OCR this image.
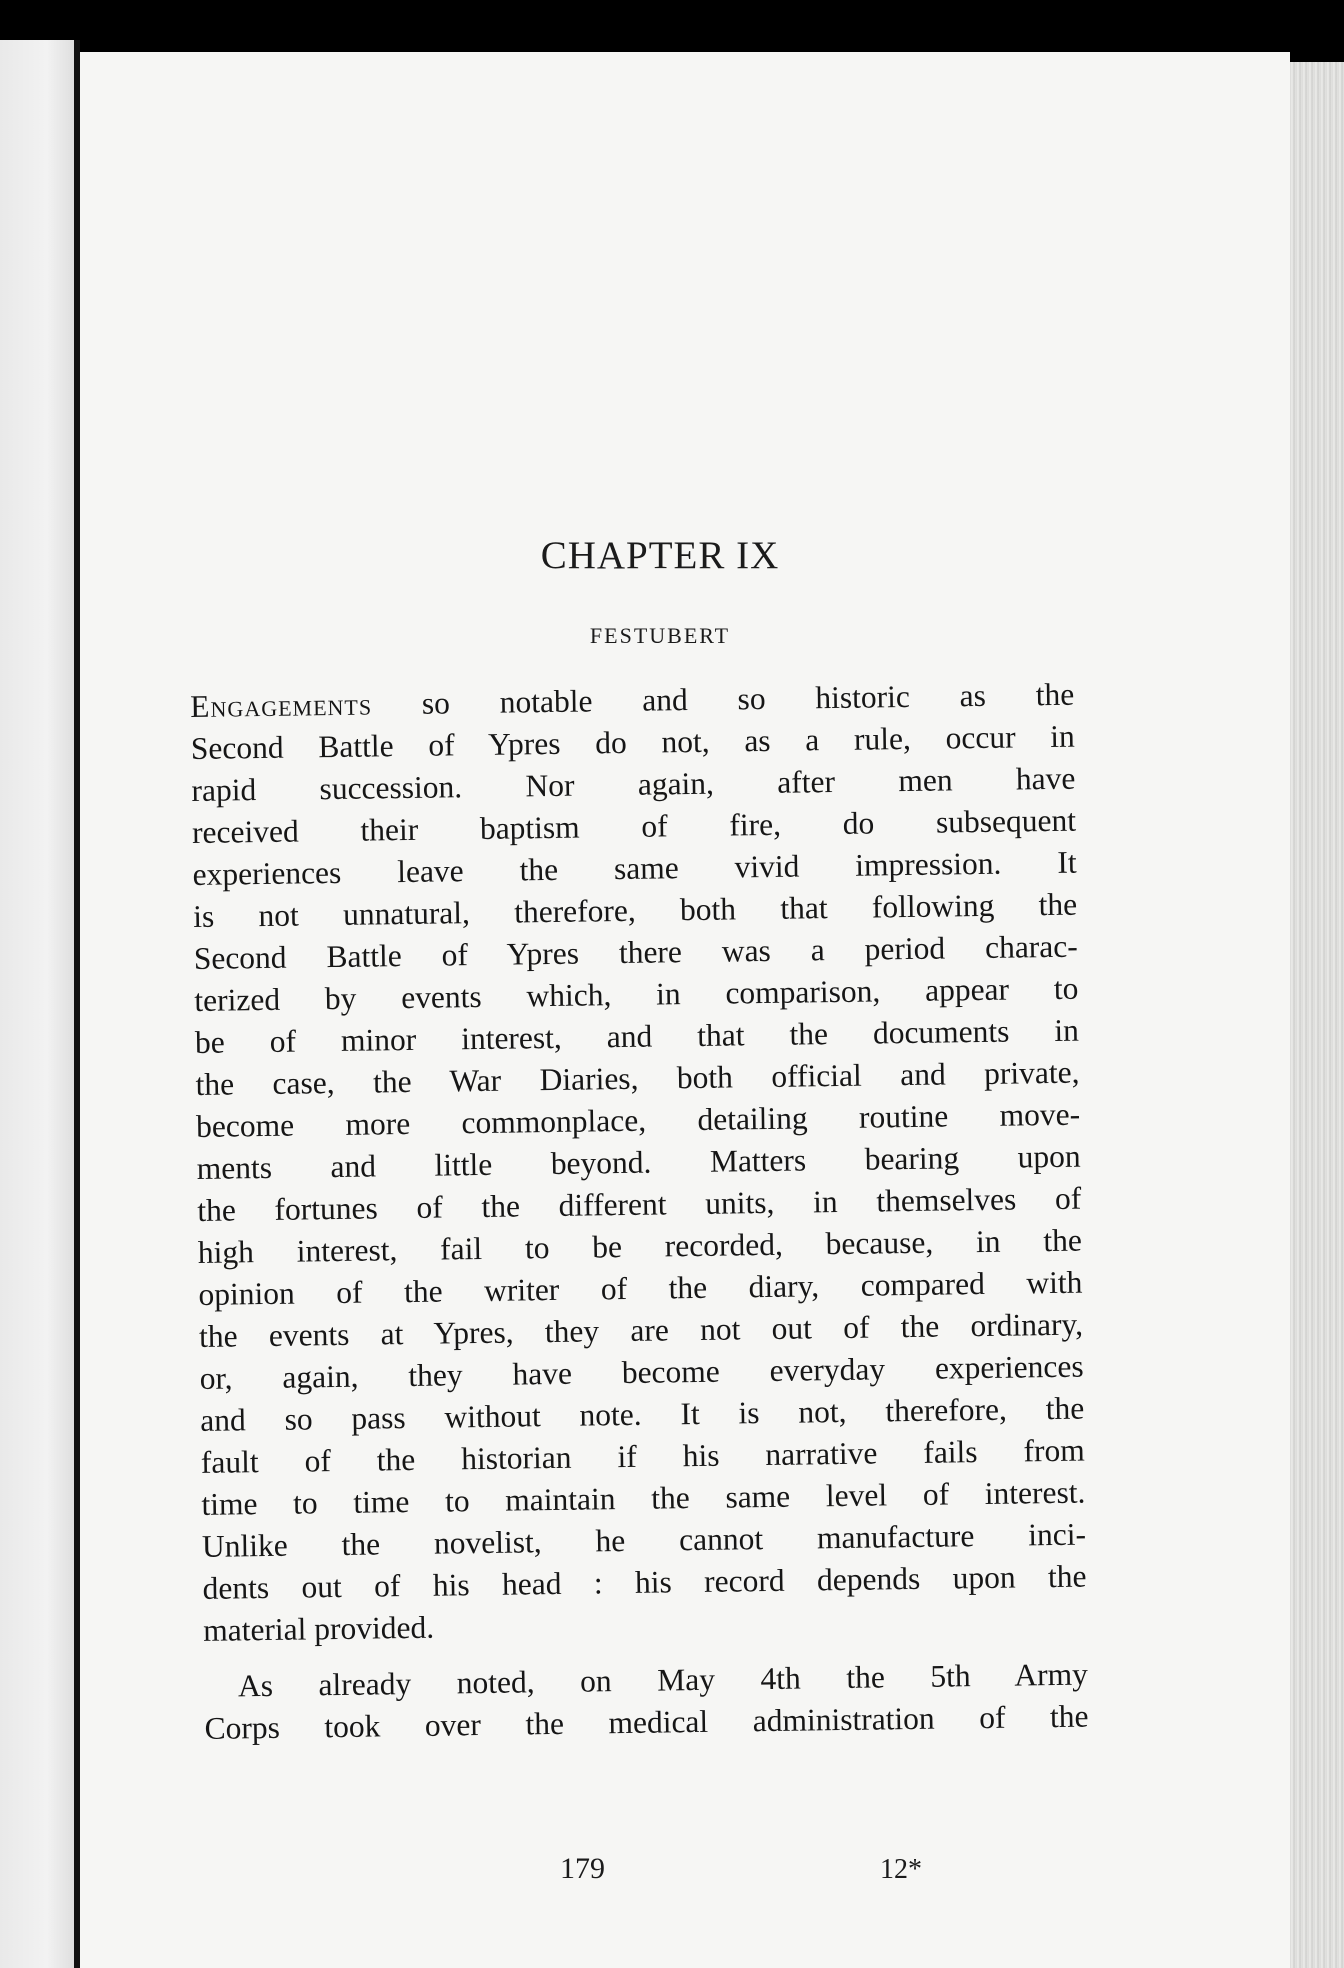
CHAPTER IX
FESTUBERT
Engagements so notable and so historic as the
Second Battle of Ypres do not, as a rule, occur in
rapid succession. Nor again, after men have
received their baptism of fire, do subsequent
experiences leave the same vivid impression. It
is not unnatural, therefore, both that following the
Second Battle of Ypres there was a period charac-
terized by events which, in comparison, appear to
be of minor interest, and that the documents in
the case, the War Diaries, both official and private,
become more commonplace, detailing routine move-
ments and little beyond. Matters bearing upon
the fortunes of the different units, in themselves of
high interest, fail to be recorded, because, in the
opinion of the writer of the diary, compared with
the events at Ypres, they are not out of the ordinary,
or, again, they have become everyday experiences
and so pass without note. It is not, therefore, the
fault of the historian if his narrative fails from
time to time to maintain the same level of interest.
Unlike the novelist, he cannot manufacture inci-
dents out of his head : his record depends upon the
material provided.
As already noted, on May 4th the 5th Army
Corps took over the medical administration of the
179	12*
